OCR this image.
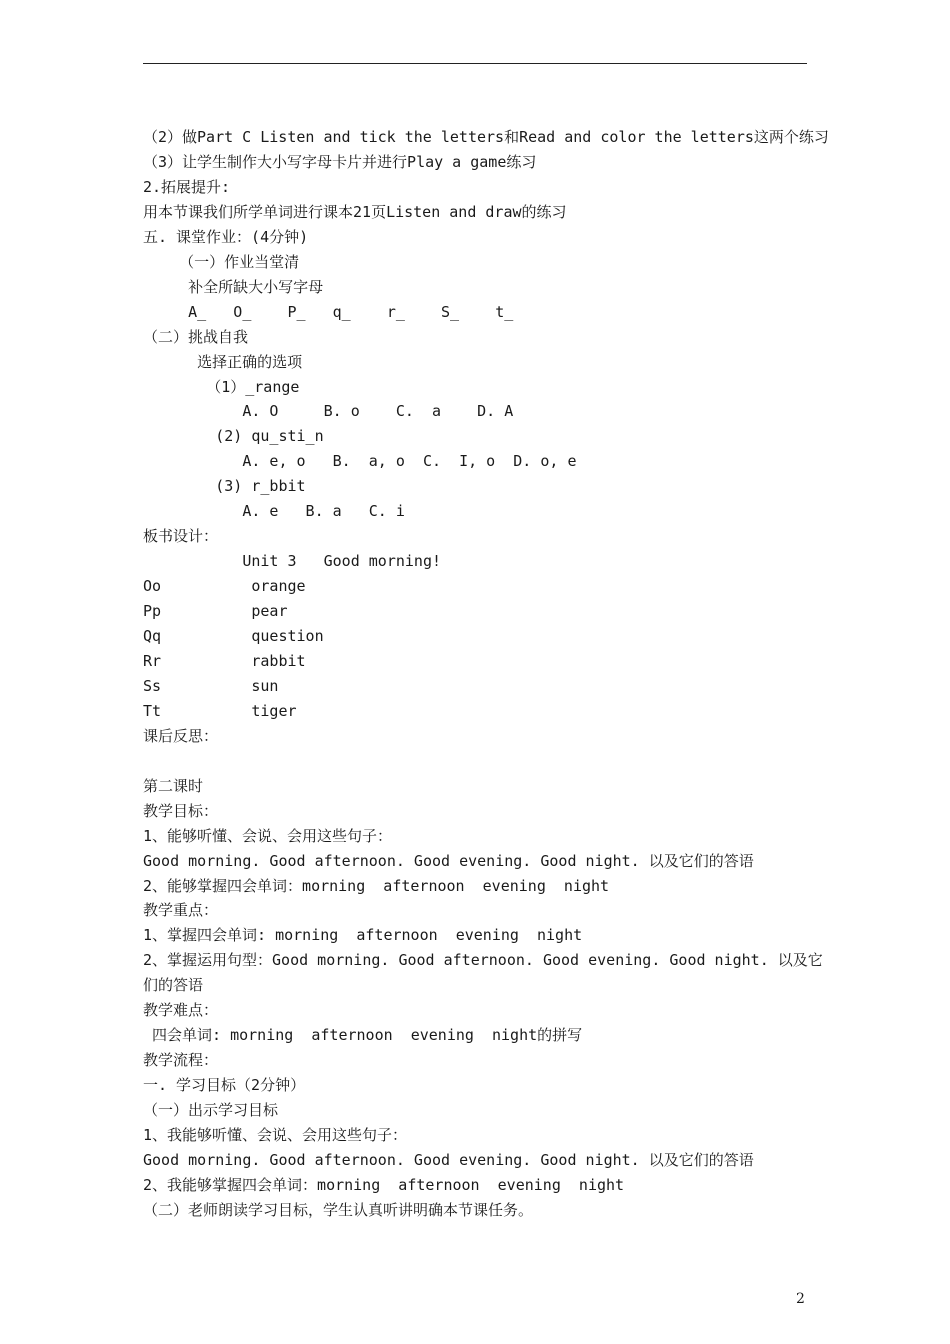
（2）做Part C Listen and tick the letters和Read and color the letters这两个练习
（3）让学生制作大小写字母卡片并进行Play a game练习
2.拓展提升:
用本节课我们所学单词进行课本21页Listen and draw的练习
五. 课堂作业：(4分钟)
（一）作业当堂清
补全所缺大小写字母
A_   O_    P_   q_    r_    S_    t_
（二）挑战自我
选择正确的选项
（1）_range
A. O     B. o    C.  a    D. A
(2) qu_sti_n
A. e, o   B.  a, o  C.  I, o  D. o, e
(3) r_bbit
A. e   B. a   C. i
板书设计：
Unit 3   Good morning!
Oo          orange
Pp          pear
Qq          question
Rr          rabbit
Ss          sun
Tt          tiger
课后反思：
第二课时
教学目标：
1、能够听懂、会说、会用这些句子：
Good morning. Good afternoon. Good evening. Good night. 以及它们的答语
2、能够掌握四会单词：morning  afternoon  evening  night
教学重点：
1、掌握四会单词: morning  afternoon  evening  night
2、掌握运用句型：Good morning. Good afternoon. Good evening. Good night. 以及它
们的答语
教学难点：
四会单词: morning  afternoon  evening  night的拼写
教学流程：
一. 学习目标（2分钟）
（一）出示学习目标
1、我能够听懂、会说、会用这些句子：
Good morning. Good afternoon. Good evening. Good night. 以及它们的答语
2、我能够掌握四会单词：morning  afternoon  evening  night
（二）老师朗读学习目标，学生认真听讲明确本节课任务。
2
